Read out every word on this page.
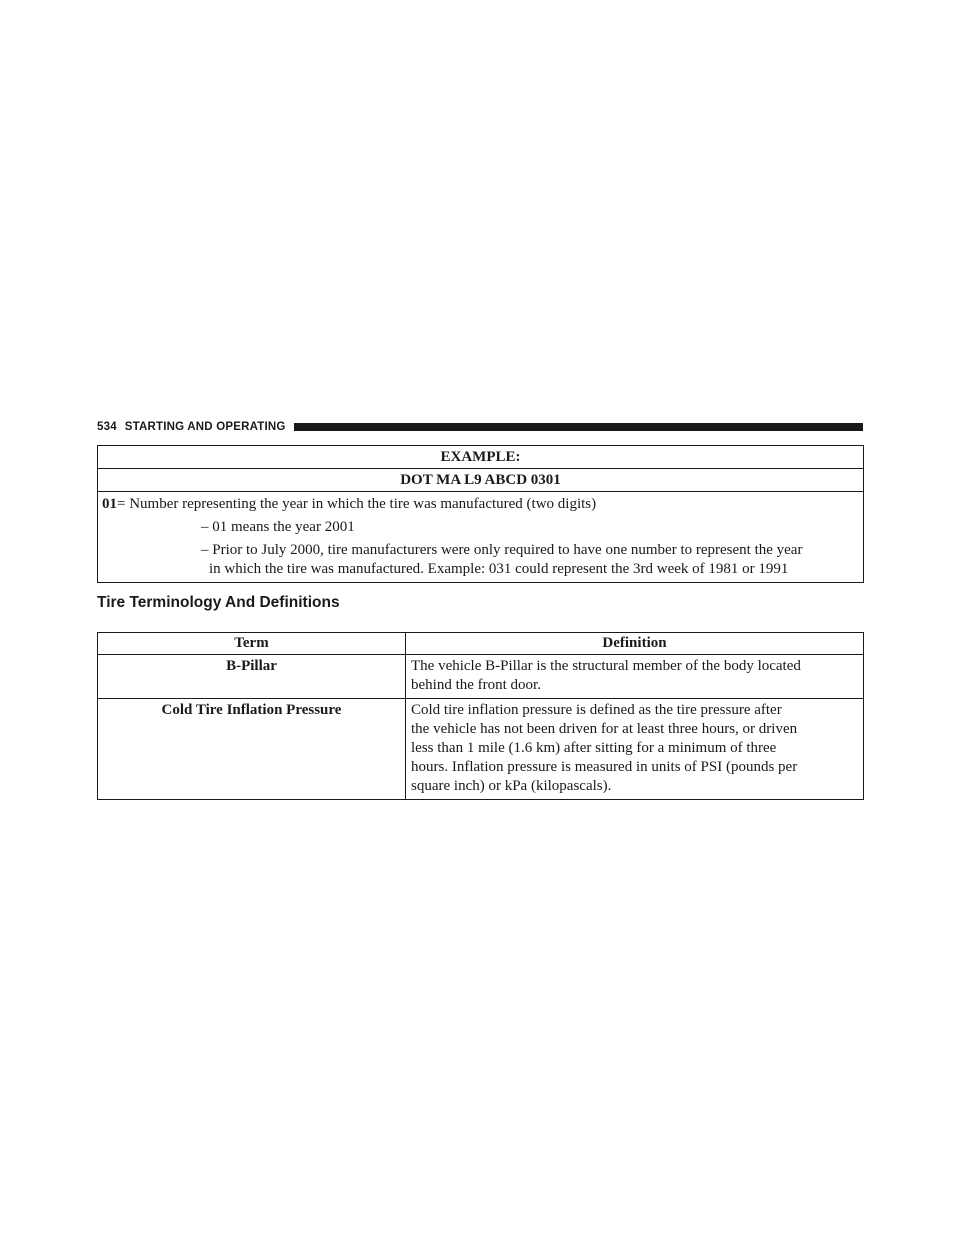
534 STARTING AND OPERATING
EXAMPLE:
DOT MA L9 ABCD 0301

01= Number representing the year in which the tire was manufactured (two digits)

– 01 means the year 2001

– Prior to July 2000, tire manufacturers were only required to have one number to represent the year

in which the tire was manufactured. Example: 031 could represent the 3rd week of 1981 or 1991

Tire Terminology And Definitions
Term	Definition
B-Pillar	The vehicle B-Pillar is the structural member of the body located
behind the front door.

Cold Tire Inflation Pressure	Cold tire inflation pressure is defined as the tire pressure after
the vehicle has not been driven for at least three hours, or driven
less than 1 mile (1.6 km) after sitting for a minimum of three
hours. Inflation pressure is measured in units of PSI (pounds per
square inch) or kPa (kilopascals).
